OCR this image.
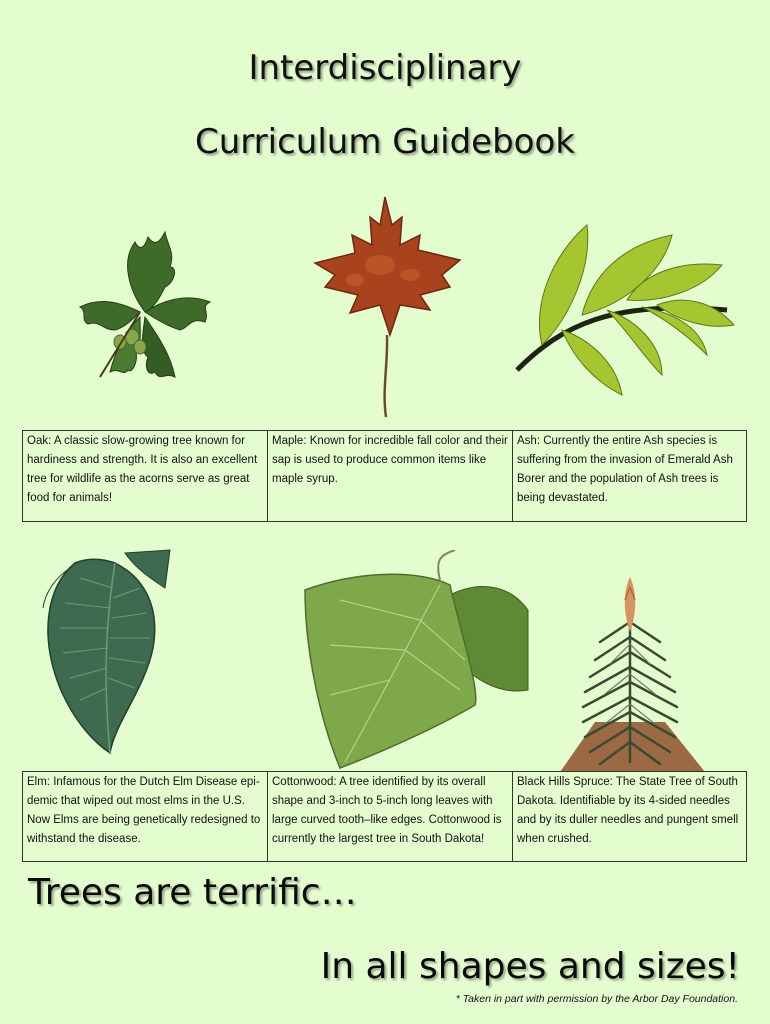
Interdisciplinary
Curriculum Guidebook
Oak: A classic slow-growing tree known for hardiness and strength. It is also an excellent tree for wildlife as the acorns serve as great food for animals!
Maple: Known for incredible fall color and their sap is used to produce common items like maple syrup.
Ash: Currently the entire Ash species is suffering from the invasion of Emerald Ash Borer and the population of Ash trees is being devastated.
Elm: Infamous for the Dutch Elm Disease epi-demic that wiped out most elms in the U.S. Now Elms are being genetically redesigned to withstand the disease.
Cottonwood: A tree identified by its overall shape and 3-inch to 5-inch long leaves with large curved tooth–like edges. Cottonwood is currently the largest tree in South Dakota!
Black Hills Spruce: The State Tree of South Dakota. Identifiable by its 4-sided needles and by its duller needles and pungent smell when crushed.
Trees are terrific…
In all shapes and sizes!
* Taken in part with permission by the Arbor Day Foundation.
